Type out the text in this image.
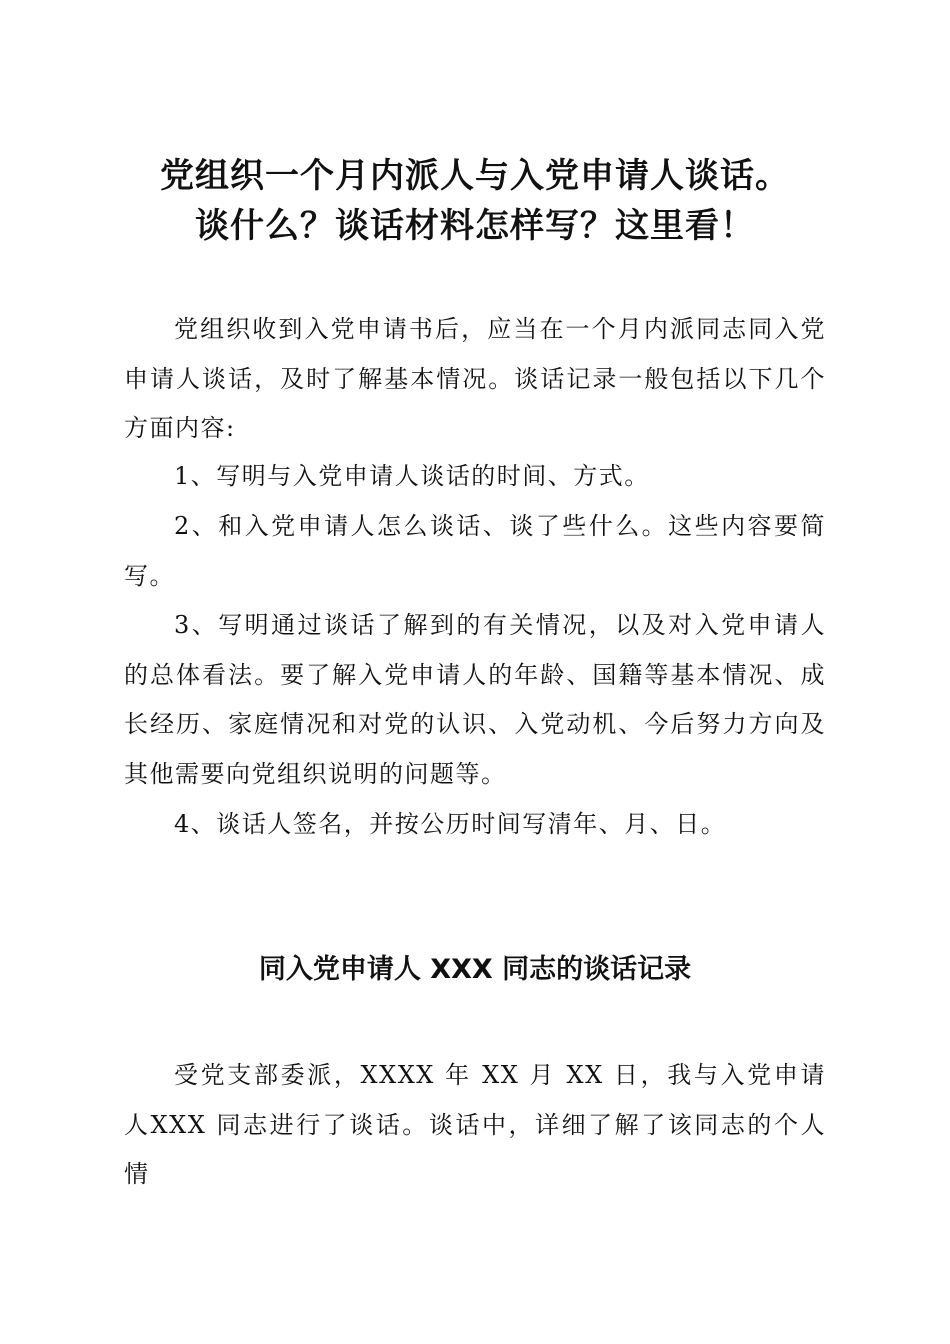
党组织一个月内派人与入党申请人谈话。
谈什么？谈话材料怎样写？这里看！

党组织收到入党申请书后，应当在一个月内派同志同入党申请人谈话，及时了解基本情况。谈话记录一般包括以下几个方面内容:

1、写明与入党申请人谈话的时间、方式。

2、和入党申请人怎么谈话、谈了些什么。这些内容要简写。

3、写明通过谈话了解到的有关情况，以及对入党申请人的总体看法。要了解入党申请人的年龄、国籍等基本情况、成长经历、家庭情况和对党的认识、入党动机、今后努力方向及其他需要向党组织说明的问题等。

4、谈话人签名，并按公历时间写清年、月、日。

同入党申请人 XXX 同志的谈话记录

受党支部委派，XXXX 年 XX 月 XX 日，我与入党申请人XXX 同志进行了谈话。谈话中，详细了解了该同志的个人情
